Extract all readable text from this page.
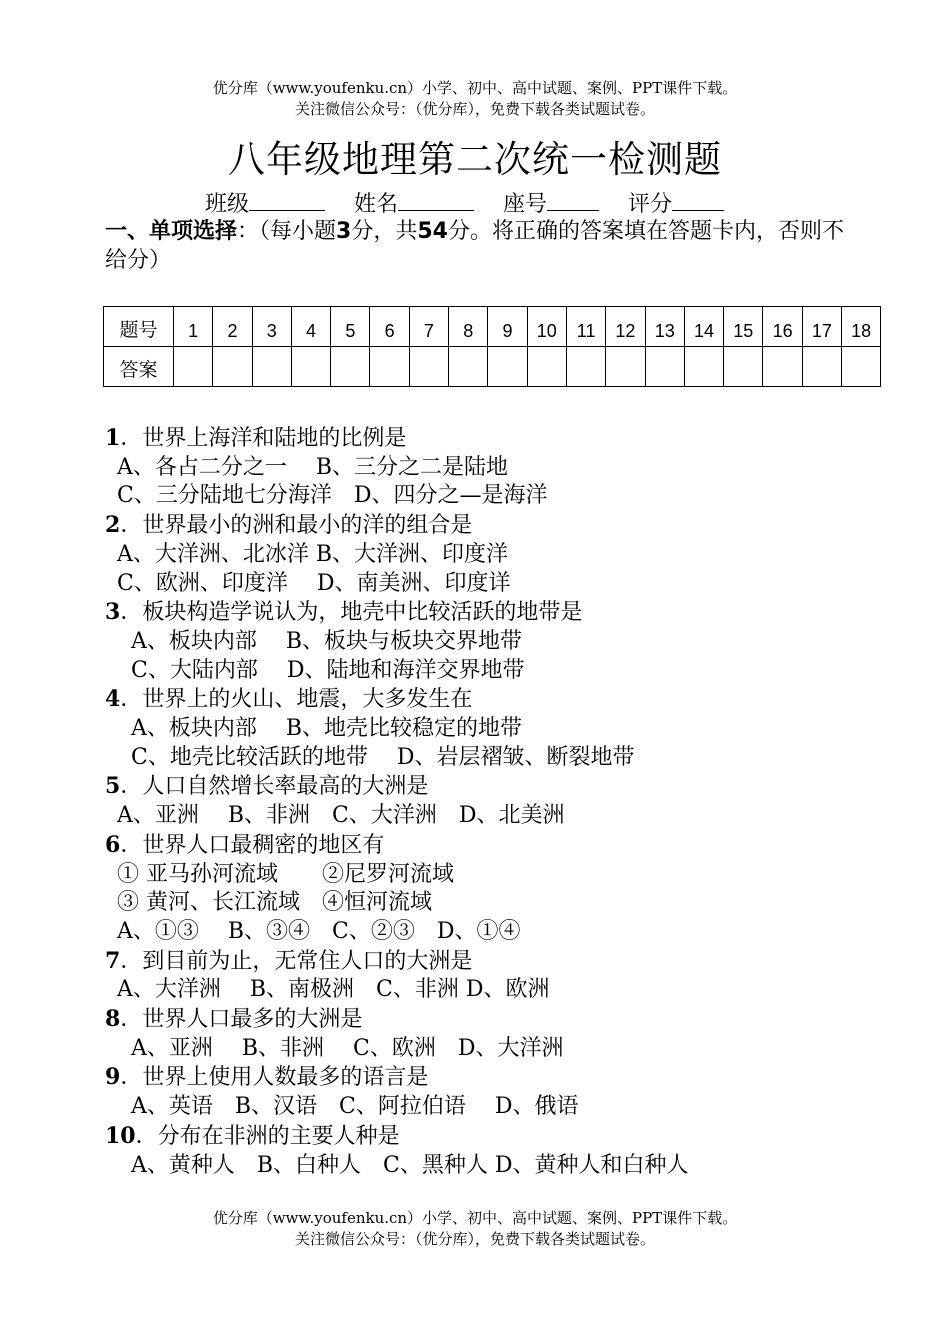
优分库（www.youfenku.cn）小学、初中、高中试题、案例、PPT课件下载。
关注微信公众号：（优分库），免费下载各类试题试卷。
八年级地理第二次统一检测题
班级	姓名	座号	评分
一、单项选择：（每小题3分，共54分。将正确的答案填在答题卡内，否则不给分）
题号	1	2	3	4	5	6	7	8	9	10	11	12	13	14	15	16	17	18
答案																		
1．世界上海洋和陆地的比例是
A、各占二分之一　 B、三分之二是陆地
C、三分陆地七分海洋　D、四分之—是海洋
2．世界最小的洲和最小的洋的组合是
A、大洋洲、北冰洋 B、大洋洲、印度洋
C、欧洲、印度洋　 D、南美洲、印度详
3．板块构造学说认为，地壳中比较活跃的地带是
A、板块内部　 B、板块与板块交界地带
C、大陆内部　 D、陆地和海洋交界地带
4．世界上的火山、地震，大多发生在
A、板块内部　 B、地壳比较稳定的地带
C、地壳比较活跃的地带　 D、岩层褶皱、断裂地带
5．人口自然增长率最高的大洲是
A、亚洲　 B、非洲　C、大洋洲　D、北美洲
6．世界人口最稠密的地区有
① 亚马孙河流域　　②尼罗河流域
③ 黄河、长江流域　④恒河流域
A、①③　 B、③④　C、②③　D、①④
7．到目前为止，无常住人口的大洲是
A、大洋洲　 B、南极洲　C、非洲 D、欧洲
8．世界人口最多的大洲是
A、亚洲　 B、非洲　 C、欧洲　D、大洋洲
9．世界上使用人数最多的语言是
A、英语　B、汉语　C、阿拉伯语　 D、俄语
10．分布在非洲的主要人种是
A、黄种人　B、白种人　C、黑种人 D、黄种人和白种人
优分库（www.youfenku.cn）小学、初中、高中试题、案例、PPT课件下载。
关注微信公众号：（优分库），免费下载各类试题试卷。
